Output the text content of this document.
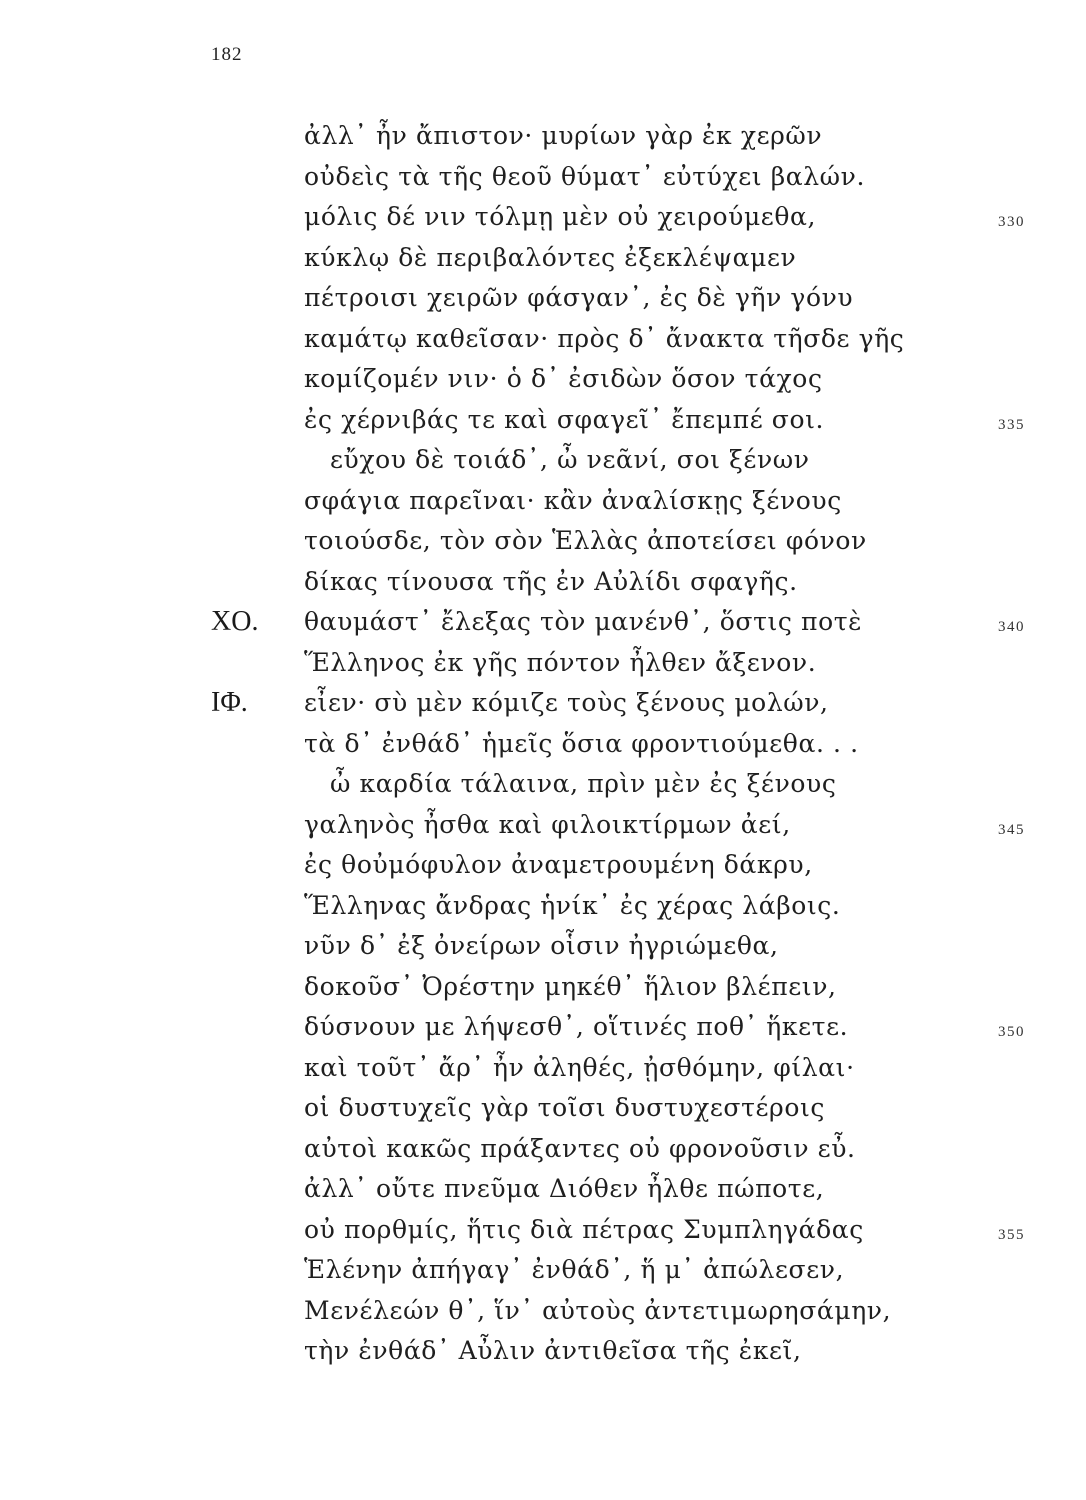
182
ἀλλ᾽ ἦν ἄπιστον· μυρίων γὰρ ἐκ χερῶν
οὐδεὶς τὰ τῆς θεοῦ θύματ᾽ εὐτύχει βαλών.
μόλις δέ νιν τόλμῃ μὲν οὐ χειρούμεθα,	330
κύκλῳ δὲ περιβαλόντες ἐξεκλέψαμεν
πέτροισι χειρῶν φάσγαν᾽, ἐς δὲ γῆν γόνυ
καμάτῳ καθεῖσαν· πρὸς δ᾽ ἄνακτα τῆσδε γῆς
κομίζομέν νιν· ὁ δ᾽ ἐσιδὼν ὅσον τάχος
ἐς χέρνιβάς τε καὶ σφαγεῖ᾽ ἔπεμπέ σοι.	335
εὔχου δὲ τοιάδ᾽, ὦ νεᾶνί, σοι ξένων
σφάγια παρεῖναι· κἂν ἀναλίσκῃς ξένους
τοιούσδε, τὸν σὸν Ἑλλὰς ἀποτείσει φόνον
δίκας τίνουσα τῆς ἐν Αὐλίδι σφαγῆς.
ΧΟ. θαυμάστ᾽ ἔλεξας τὸν μανένθ᾽, ὅστις ποτὲ	340
Ἕλληνος ἐκ γῆς πόντον ἦλθεν ἄξενον.
ΙΦ. εἶεν· σὺ μὲν κόμιζε τοὺς ξένους μολών,
τὰ δ᾽ ἐνθάδ᾽ ἡμεῖς ὅσια φροντιούμεθα. . .
ὦ καρδία τάλαινα, πρὶν μὲν ἐς ξένους
γαληνὸς ἦσθα καὶ φιλοικτίρμων ἀεί,	345
ἐς θοὐμόφυλον ἀναμετρουμένη δάκρυ,
Ἕλληνας ἄνδρας ἡνίκ᾽ ἐς χέρας λάβοις.
νῦν δ᾽ ἐξ ὀνείρων οἷσιν ἠγριώμεθα,
δοκοῦσ᾽ Ὀρέστην μηκέθ᾽ ἥλιον βλέπειν,
δύσνουν με λήψεσθ᾽, οἵτινές ποθ᾽ ἥκετε.	350
καὶ τοῦτ᾽ ἄρ᾽ ἦν ἀληθές, ᾐσθόμην, φίλαι·
οἱ δυστυχεῖς γὰρ τοῖσι δυστυχεστέροις
αὐτοὶ κακῶς πράξαντες οὐ φρονοῦσιν εὖ.
ἀλλ᾽ οὔτε πνεῦμα Διόθεν ἦλθε πώποτε,
οὐ πορθμίς, ἥτις διὰ πέτρας Συμπληγάδας	355
Ἑλένην ἀπήγαγ᾽ ἐνθάδ᾽, ἥ μ᾽ ἀπώλεσεν,
Μενέλεών θ᾽, ἵν᾽ αὐτοὺς ἀντετιμωρησάμην,
τὴν ἐνθάδ᾽ Αὖλιν ἀντιθεῖσα τῆς ἐκεῖ,
